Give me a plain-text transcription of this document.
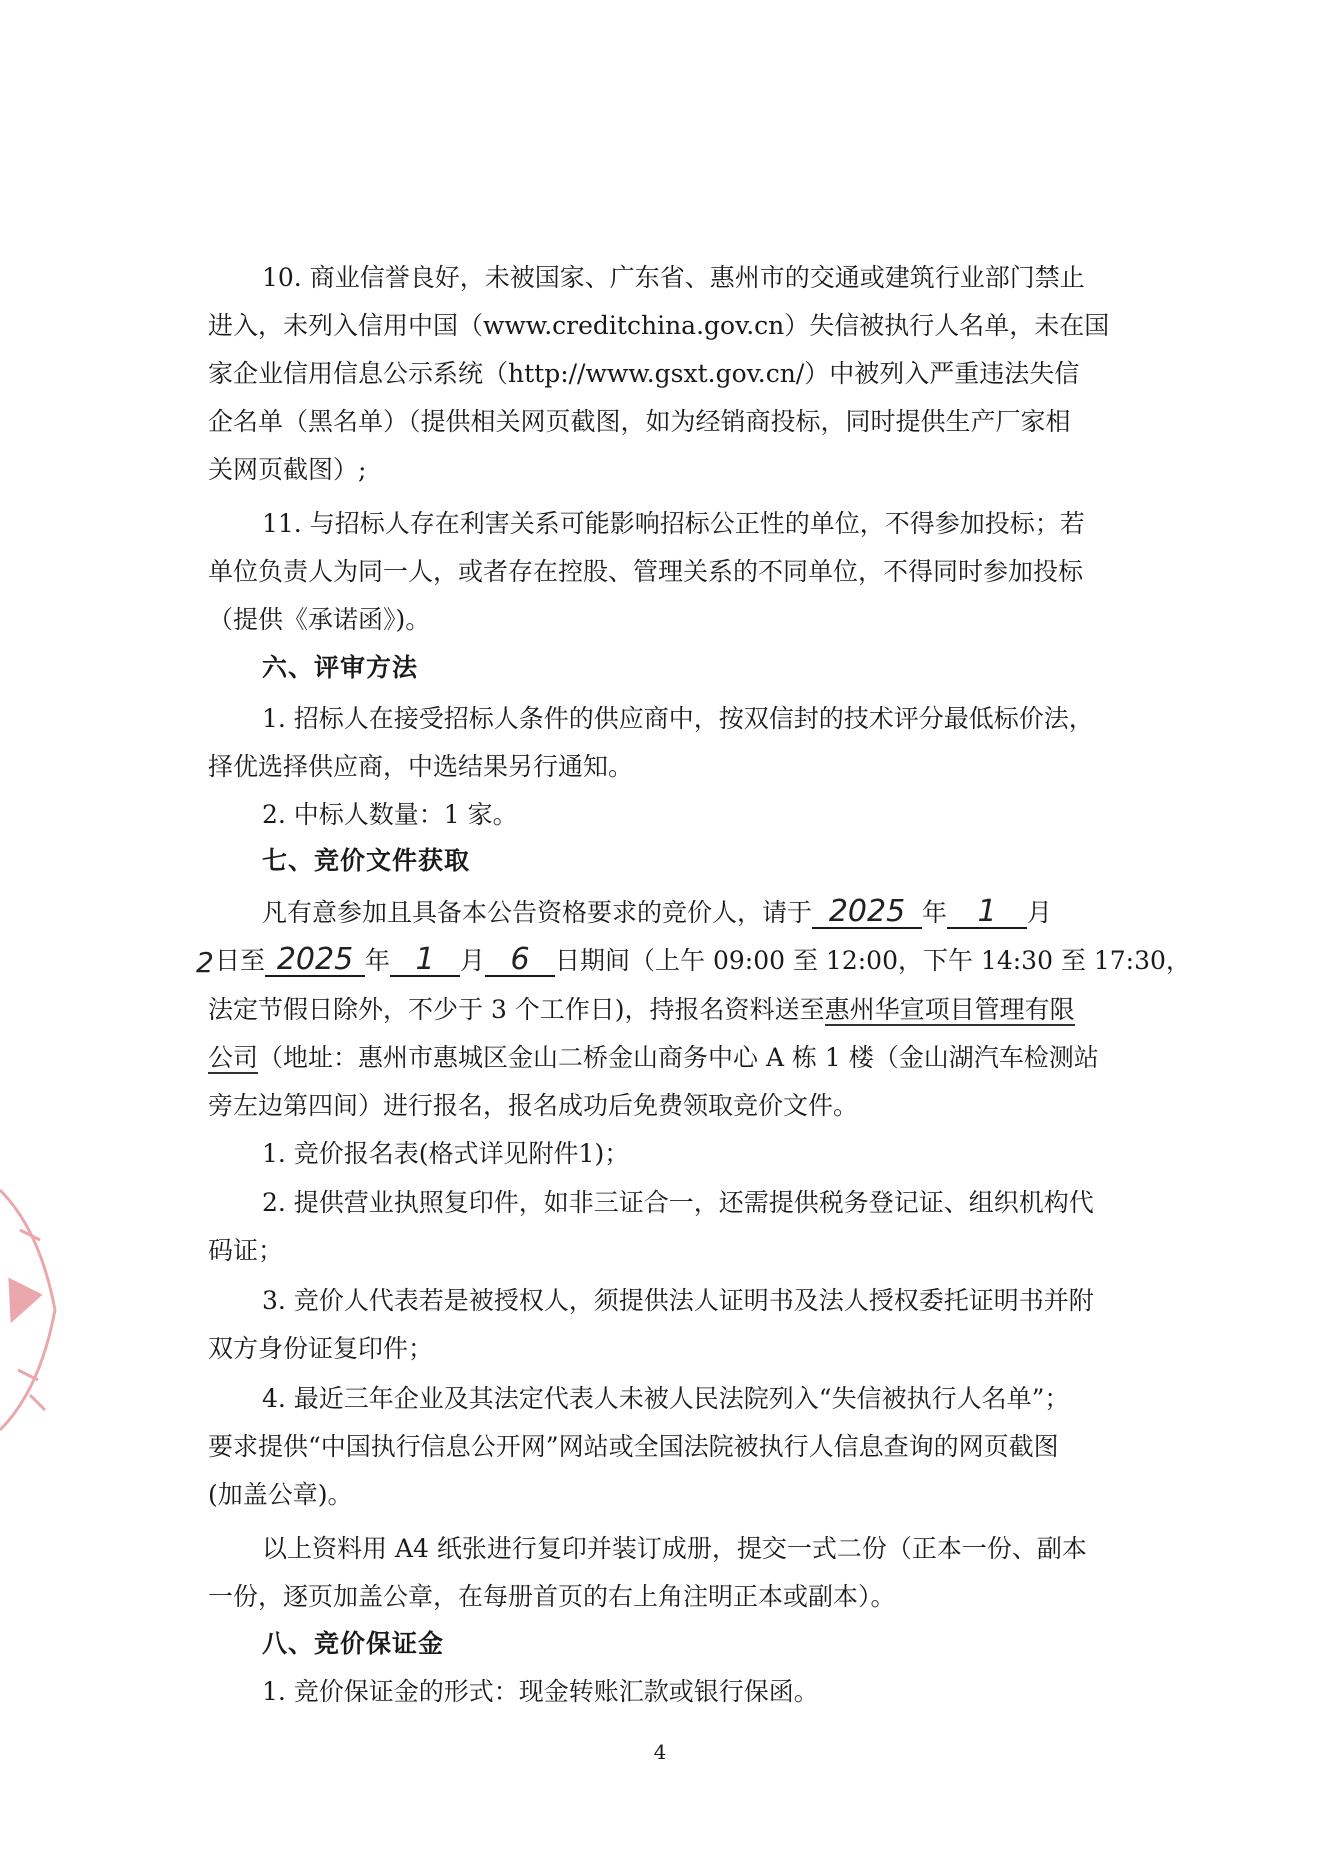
10. 商业信誉良好，未被国家、广东省、惠州市的交通或建筑行业部门禁止
进入，未列入信用中国（www.creditchina.gov.cn）失信被执行人名单，未在国
家企业信用信息公示系统（http://www.gsxt.gov.cn/）中被列入严重违法失信
企名单（黑名单）（提供相关网页截图，如为经销商投标，同时提供生产厂家相
关网页截图）;
11. 与招标人存在利害关系可能影响招标公正性的单位，不得参加投标；若
单位负责人为同一人，或者存在控股、管理关系的不同单位，不得同时参加投标
（提供《承诺函》)。
六、评审方法
1. 招标人在接受招标人条件的供应商中，按双信封的技术评分最低标价法，
择优选择供应商，中选结果另行通知。
2. 中标人数量：1 家。
七、竞价文件获取
凡有意参加且具备本公告资格要求的竞价人，请于 2025 年 1 月
2 日至 2025 年 1 月 6 日期间（上午 09:00 至 12:00，下午 14:30 至 17:30，
法定节假日除外，不少于 3 个工作日)，持报名资料送至惠州华宣项目管理有限
公司（地址：惠州市惠城区金山二桥金山商务中心 A 栋 1 楼（金山湖汽车检测站
旁左边第四间）进行报名，报名成功后免费领取竞价文件。
1. 竞价报名表(格式详见附件1)；
2. 提供营业执照复印件，如非三证合一，还需提供税务登记证、组织机构代
码证；
3. 竞价人代表若是被授权人，须提供法人证明书及法人授权委托证明书并附
双方身份证复印件；
4. 最近三年企业及其法定代表人未被人民法院列入“失信被执行人名单”；
要求提供“中国执行信息公开网”网站或全国法院被执行人信息查询的网页截图
(加盖公章)。
以上资料用 A4 纸张进行复印并装订成册，提交一式二份（正本一份、副本
一份，逐页加盖公章，在每册首页的右上角注明正本或副本）。
八、竞价保证金
1. 竞价保证金的形式：现金转账汇款或银行保函。
4
